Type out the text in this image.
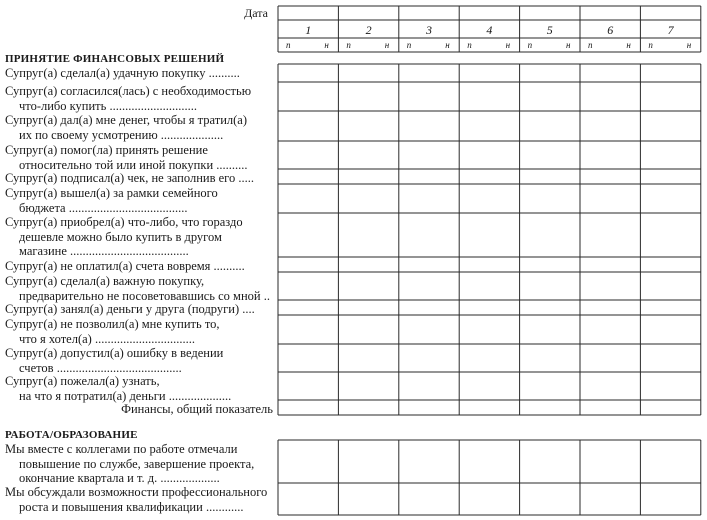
Дата
1	2	3	4	5	6	7
п	н п	н п	н п	н п	н п	н п	н
ПРИНЯТИЕ ФИНАНСОВЫХ РЕШЕНИЙ
Супруг(а) сделал(а) удачную покупку ..........
Супруг(а) согласился(лась) с необходимостью
что-либо купить ............................
Супруг(а) дал(а) мне денег, чтобы я тратил(а)
их по своему усмотрению ....................
Супруг(а) помог(ла) принять решение
относительно той или иной покупки ..........
Супруг(а) подписал(а) чек, не заполнив его .....
Супруг(а) вышел(а) за рамки семейного
бюджета ......................................
Супруг(а) приобрел(а) что-либо, что гораздо
дешевле можно было купить в другом
магазине ......................................
Супруг(а) не оплатил(а) счета вовремя ..........
Супруг(а) сделал(а) важную покупку,
предварительно не посоветовавшись со мной ..
Супруг(а) занял(а) деньги у друга (подруги) ....
Супруг(а) не позволил(а) мне купить то,
что я хотел(а) ................................
Супруг(а) допустил(а) ошибку в ведении
счетов ........................................
Супруг(а) пожелал(а) узнать,
на что я потратил(а) деньги ....................
Финансы, общий показатель
РАБОТА/ОБРАЗОВАНИЕ
Мы вместе с коллегами по работе отмечали
повышение по службе, завершение проекта,
окончание квартала и т. д. ...................
Мы обсуждали возможности профессионального
роста и повышения квалификации ............
